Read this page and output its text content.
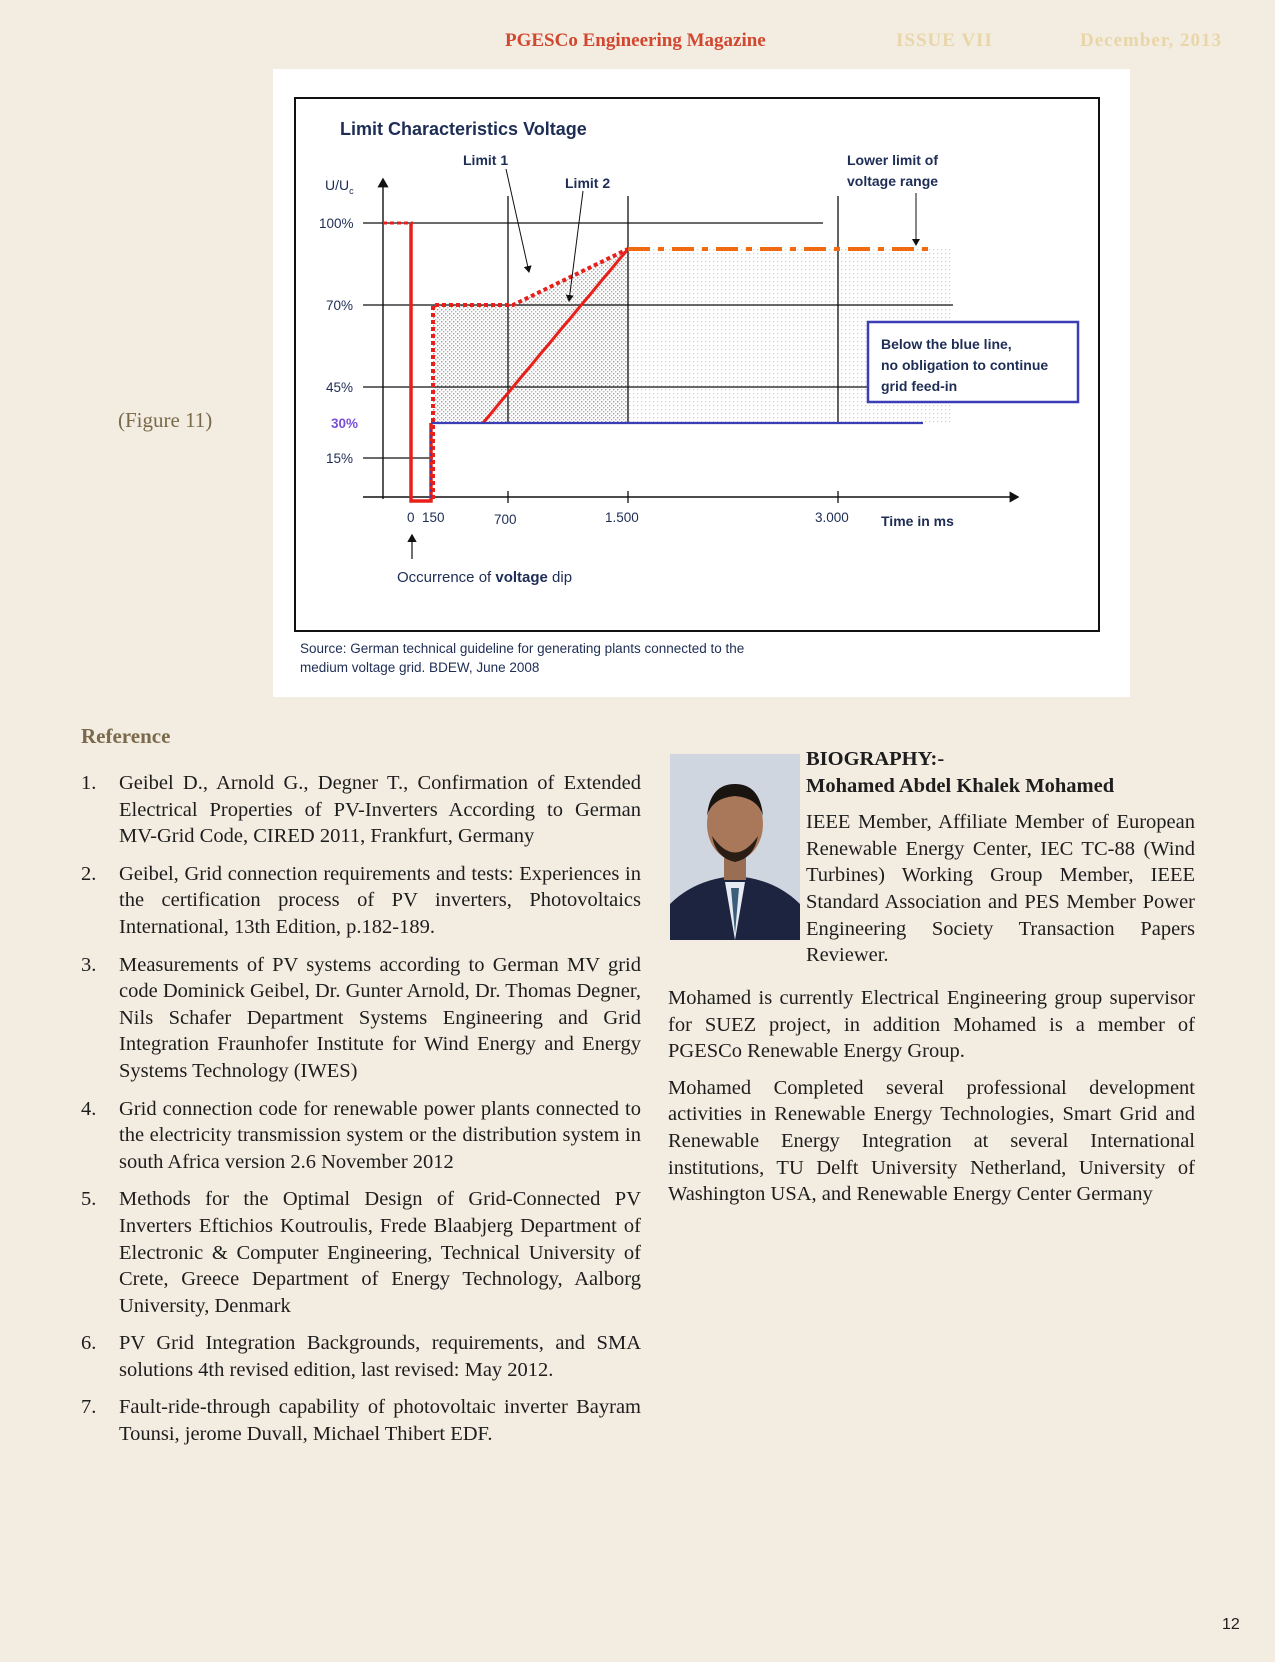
PGESCo Engineering Magazine	ISSUE VII	December, 2013
(Figure 11)
Limit Characteristics Voltage
Limit 1
Limit 2
Lower limit of
voltage range
$U/U_c$
100%
70%
45%
30%
15%
0 150	700	1.500	3.000 Time in ms
Below the blue line,
no obligation to continue
grid feed-in
Occurrence of voltage dip
Source: German technical guideline for generating plants connected to the
medium voltage grid. BDEW, June 2008
Reference
1. Geibel D., Arnold G., Degner T., Confirmation of Extended Electrical Properties of PV-Inverters According to German MV-Grid Code, CIRED 2011, Frankfurt, Germany
2. Geibel, Grid connection requirements and tests: Experiences in the certification process of PV inverters, Photovoltaics International, 13th Edition, p.182-189.
3. Measurements of PV systems according to German MV grid code Dominick Geibel, Dr. Gunter Arnold, Dr. Thomas Degner, Nils Schafer Department Systems Engineering and Grid Integration Fraunhofer Institute for Wind Energy and Energy Systems Technology (IWES)
4. Grid connection code for renewable power plants connected to the electricity transmission system or the distribution system in south Africa version 2.6 November 2012
5. Methods for the Optimal Design of Grid-Connected PV Inverters Eftichios Koutroulis, Frede Blaabjerg Department of Electronic & Computer Engineering, Technical University of Crete, Greece Department of Energy Technology, Aalborg University, Denmark
6. PV Grid Integration Backgrounds, requirements, and SMA solutions 4th revised edition, last revised: May 2012.
7. Fault-ride-through capability of photovoltaic inverter Bayram Tounsi, jerome Duvall, Michael Thibert EDF.
BIOGRAPHY:-
Mohamed Abdel Khalek Mohamed

IEEE Member, Affiliate Member of European Renewable Energy Center, IEC TC-88 (Wind Turbines) Working Group Member, IEEE Standard Association and PES Member Power Engineering Society Transaction Papers Reviewer.

Mohamed is currently Electrical Engineering group supervisor for SUEZ project, in addition Mohamed is a member of PGESCo Renewable Energy Group.

Mohamed Completed several professional development activities in Renewable Energy Technologies, Smart Grid and Renewable Energy Integration at several International institutions, TU Delft University Netherland, University of Washington USA, and Renewable Energy Center Germany

12
